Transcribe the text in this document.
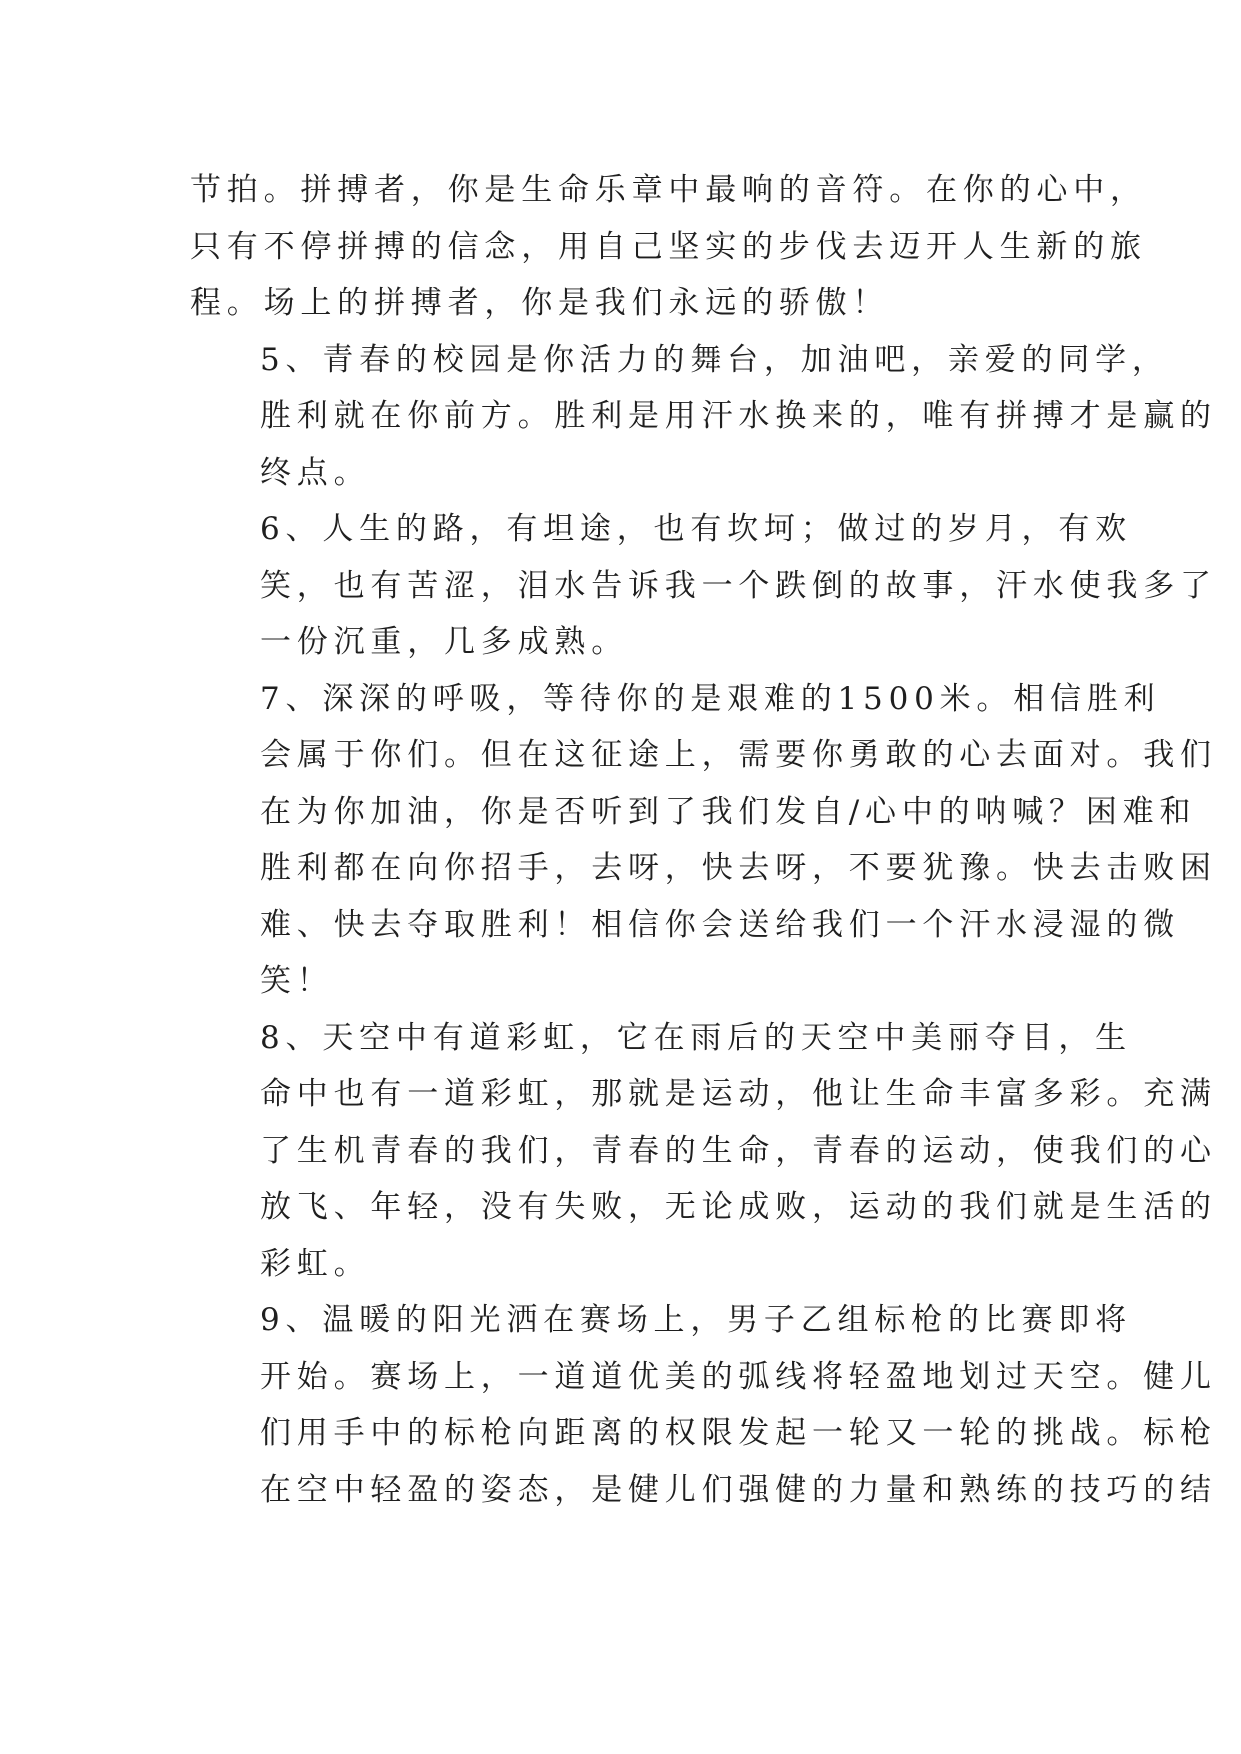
节拍。拼搏者，你是生命乐章中最响的音符。在你的心中，
只有不停拼搏的信念，用自己坚实的步伐去迈开人生新的旅
程。场上的拼搏者，你是我们永远的骄傲！
5、青春的校园是你活力的舞台，加油吧，亲爱的同学，
胜利就在你前方。胜利是用汗水换来的，唯有拼搏才是赢的
终点。
6、人生的路，有坦途，也有坎坷；做过的岁月，有欢
笑，也有苦涩，泪水告诉我一个跌倒的故事，汗水使我多了
一份沉重，几多成熟。
7、深深的呼吸，等待你的是艰难的1500米。相信胜利
会属于你们。但在这征途上，需要你勇敢的心去面对。我们
在为你加油，你是否听到了我们发自/心中的呐喊？困难和
胜利都在向你招手，去呀，快去呀，不要犹豫。快去击败困
难、快去夺取胜利！相信你会送给我们一个汗水浸湿的微
笑！
8、天空中有道彩虹，它在雨后的天空中美丽夺目，生
命中也有一道彩虹，那就是运动，他让生命丰富多彩。充满
了生机青春的我们，青春的生命，青春的运动，使我们的心
放飞、年轻，没有失败，无论成败，运动的我们就是生活的
彩虹。
9、温暖的阳光洒在赛场上，男子乙组标枪的比赛即将
开始。赛场上，一道道优美的弧线将轻盈地划过天空。健儿
们用手中的标枪向距离的权限发起一轮又一轮的挑战。标枪
在空中轻盈的姿态，是健儿们强健的力量和熟练的技巧的结
